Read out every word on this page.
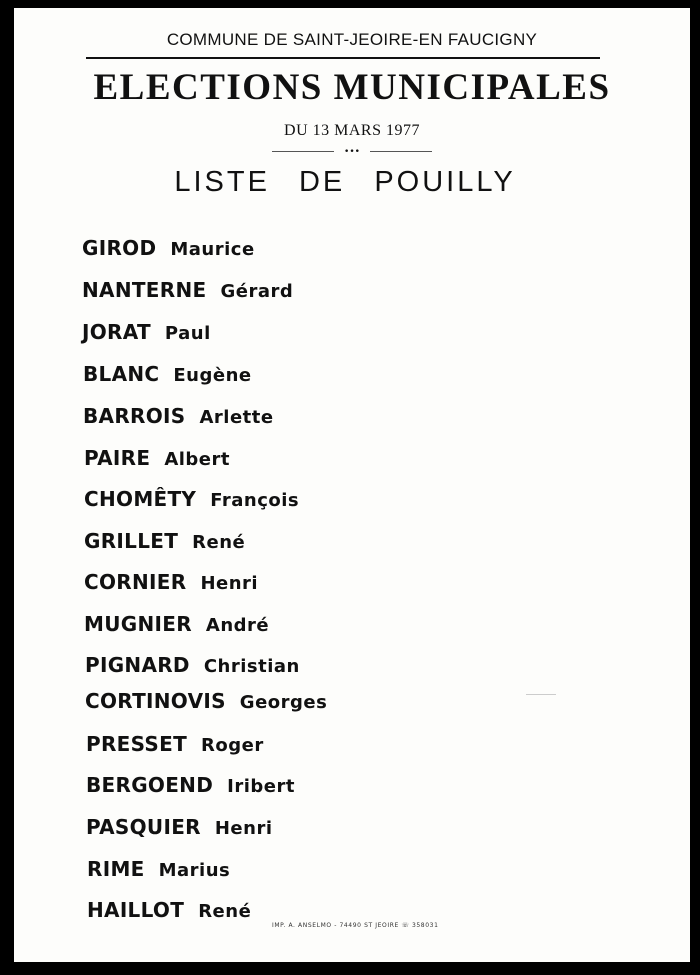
COMMUNE DE SAINT-JEOIRE-EN FAUCIGNY
ELECTIONS MUNICIPALES
DU 13 MARS 1977
•••
LISTE DE POUILLY
GIROD Maurice
NANTERNE Gérard
JORAT Paul
BLANC Eugène
BARROIS Arlette
PAIRE Albert
CHOMÊTY François
GRILLET René
CORNIER Henri
MUGNIER André
PIGNARD Christian
CORTINOVIS Georges
PRESSET Roger
BERGOEND Iribert
PASQUIER Henri
RIME Marius
HAILLOT René
IMP. A. ANSELMO - 74490 ST JEOIRE ☏ 358031
